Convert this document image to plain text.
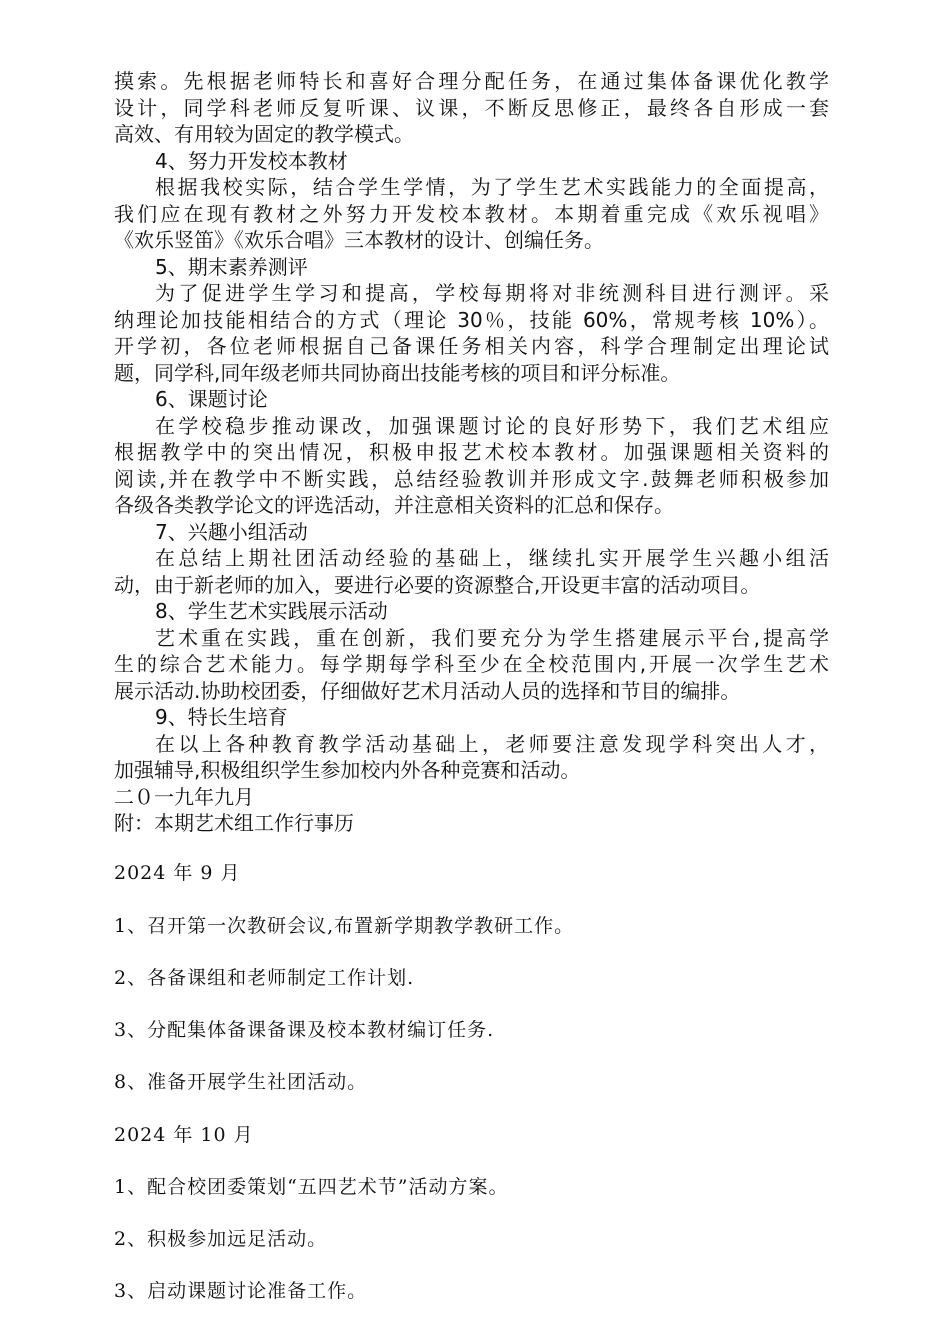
摸索。先根据老师特长和喜好合理分配任务，在通过集体备课优化教学
设计，同学科老师反复听课、议课，不断反思修正，最终各自形成一套
高效、有用较为固定的教学模式。
4、努力开发校本教材
根据我校实际，结合学生学情，为了学生艺术实践能力的全面提高，
我们应在现有教材之外努力开发校本教材。本期着重完成《欢乐视唱》
《欢乐竖笛》《欢乐合唱》三本教材的设计、创编任务。
5、期末素养测评
为了促进学生学习和提高，学校每期将对非统测科目进行测评。采
纳理论加技能相结合的方式（理论 30％，技能 60%，常规考核 10%）。
开学初，各位老师根据自己备课任务相关内容，科学合理制定出理论试
题，同学科,同年级老师共同协商出技能考核的项目和评分标准。
6、课题讨论
在学校稳步推动课改，加强课题讨论的良好形势下，我们艺术组应
根据教学中的突出情况，积极申报艺术校本教材。加强课题相关资料的
阅读,并在教学中不断实践，总结经验教训并形成文字.鼓舞老师积极参加
各级各类教学论文的评选活动，并注意相关资料的汇总和保存。
7、兴趣小组活动
在总结上期社团活动经验的基础上，继续扎实开展学生兴趣小组活
动，由于新老师的加入，要进行必要的资源整合,开设更丰富的活动项目。
8、学生艺术实践展示活动
艺术重在实践，重在创新，我们要充分为学生搭建展示平台,提高学
生的综合艺术能力。每学期每学科至少在全校范围内,开展一次学生艺术
展示活动.协助校团委，仔细做好艺术月活动人员的选择和节目的编排。
9、特长生培育
在以上各种教育教学活动基础上，老师要注意发现学科突出人才，
加强辅导,积极组织学生参加校内外各种竞赛和活动。
二０一九年九月
附：本期艺术组工作行事历
2024 年 9 月
1、召开第一次教研会议,布置新学期教学教研工作。
2、各备课组和老师制定工作计划.
3、分配集体备课备课及校本教材编订任务.
8、准备开展学生社团活动。
2024 年 10 月
1、配合校团委策划“五四艺术节”活动方案。
2、积极参加远足活动。
3、启动课题讨论准备工作。
